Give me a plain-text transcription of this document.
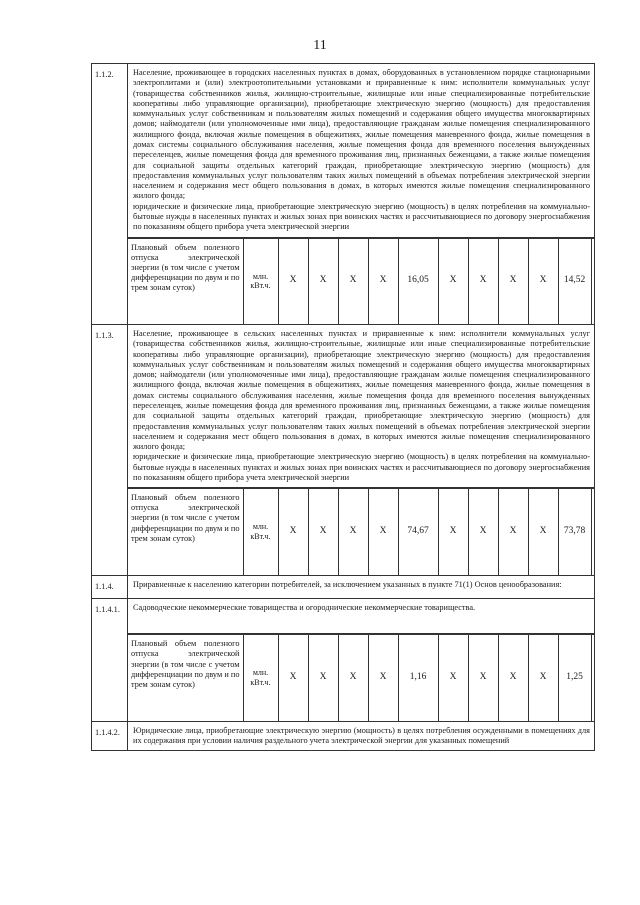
11
1.1.2.	Население, проживающее в городских населенных пунктах в домах, оборудованных в установленном порядке стационарными электроплитами и (или) электроотопительными установками и приравненные к ним: исполнители коммунальных услуг (товарищества собственников жилья, жилищно-строительные, жилищные или иные специализированные потребительские кооперативы либо управляющие организации), приобретающие электрическую энергию (мощность) для предоставления коммунальных услуг собственникам и пользователям жилых помещений и содержания общего имущества многоквартирных домов; наймодатели (или уполномоченные ими лица), предоставляющие гражданам жилые помещения специализированного жилищного фонда, включая жилые помещения в общежитиях, жилые помещения маневренного фонда, жилые помещения в домах системы социального обслуживания населения, жилые помещения фонда для временного поселения вынужденных переселенцев, жилые помещения фонда для временного проживания лиц, признанных беженцами, а также жилые помещения для социальной защиты отдельных категорий граждан, приобретающие электрическую энергию (мощность) для предоставления коммунальных услуг пользователям таких жилых помещений в объемах потребления электрической энергии населением и содержания мест общего пользования в домах, в которых имеются жилые помещения специализированного жилого фонда;
юридические и физические лица, приобретающие электрическую энергию (мощность) в целях потребления на коммунально-бытовые нужды в населенных пунктах и жилых зонах при воинских частях и рассчитывающиеся по договору энергоснабжения по показаниям общего прибора учета электрической энергии

Плановый объем полезного отпуска электрической энергии (в том числе с учетом дифференциации по двум и по трем зонам суток)	млн. кВт.ч.	X	X	X	X	16,05	X	X	X	X	14,52	

1.1.3.	Население, проживающее в сельских населенных пунктах и приравненные к ним: исполнители коммунальных услуг (товарищества собственников жилья, жилищно-строительные, жилищные или иные специализированные потребительские кооперативы либо управляющие организации), приобретающие электрическую энергию (мощность) для предоставления коммунальных услуг собственникам и пользователям жилых помещений и содержания общего имущества многоквартирных домов; наймодатели (или уполномоченные ими лица), предоставляющие гражданам жилые помещения специализированного жилищного фонда, включая жилые помещения в общежитиях, жилые помещения маневренного фонда, жилые помещения в домах системы социального обслуживания населения, жилые помещения фонда для временного поселения вынужденных переселенцев, жилые помещения фонда для временного проживания лиц, признанных беженцами, а также жилые помещения для социальной защиты отдельных категорий граждан, приобретающие электрическую энергию (мощность) для предоставления коммунальных услуг пользователям таких жилых помещений в объемах потребления электрической энергии населением и содержания мест общего пользования в домах, в которых имеются жилые помещения специализированного жилого фонда;
юридические и физические лица, приобретающие электрическую энергию (мощность) в целях потребления на коммунально-бытовые нужды в населенных пунктах и жилых зонах при воинских частях и рассчитывающиеся по договору энергоснабжения по показаниям общего прибора учета электрической энергии

Плановый объем полезного отпуска электрической энергии (в том числе с учетом дифференциации по двум и по трем зонам суток)	млн. кВт.ч.	X	X	X	X	74,67	X	X	X	X	73,78	

1.1.4.	Приравненные к населению категории потребителей, за исключением указанных в пункте 71(1) Основ ценообразования:

1.1.4.1.	Садоводческие некоммерческие товарищества и огороднические некоммерческие товарищества.

Плановый объем полезного отпуска электрической энергии (в том числе с учетом дифференциации по двум и по трем зонам суток)	млн. кВт.ч.	X	X	X	X	1,16	X	X	X	X	1,25	

1.1.4.2.	Юридические лица, приобретающие электрическую энергию (мощность) в целях потребления осужденными в помещениях для их содержания при условии наличия раздельного учета электрической энергии для указанных помещений
